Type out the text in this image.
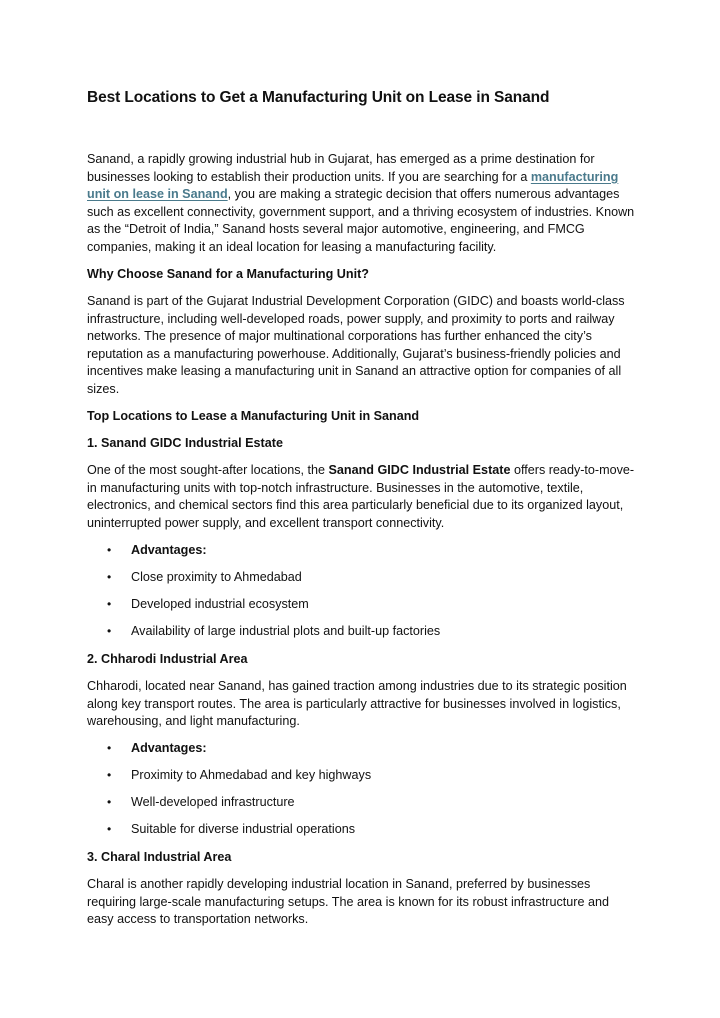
Best Locations to Get a Manufacturing Unit on Lease in Sanand

Sanand, a rapidly growing industrial hub in Gujarat, has emerged as a prime destination for businesses looking to establish their production units. If you are searching for a manufacturing unit on lease in Sanand, you are making a strategic decision that offers numerous advantages such as excellent connectivity, government support, and a thriving ecosystem of industries. Known as the “Detroit of India,” Sanand hosts several major automotive, engineering, and FMCG companies, making it an ideal location for leasing a manufacturing facility.

Why Choose Sanand for a Manufacturing Unit?

Sanand is part of the Gujarat Industrial Development Corporation (GIDC) and boasts world-class infrastructure, including well-developed roads, power supply, and proximity to ports and railway networks. The presence of major multinational corporations has further enhanced the city’s reputation as a manufacturing powerhouse. Additionally, Gujarat’s business-friendly policies and incentives make leasing a manufacturing unit in Sanand an attractive option for companies of all sizes.

Top Locations to Lease a Manufacturing Unit in Sanand

1. Sanand GIDC Industrial Estate

One of the most sought-after locations, the Sanand GIDC Industrial Estate offers ready-to-move-in manufacturing units with top-notch infrastructure. Businesses in the automotive, textile, electronics, and chemical sectors find this area particularly beneficial due to its organized layout, uninterrupted power supply, and excellent transport connectivity.

• Advantages:
• Close proximity to Ahmedabad
• Developed industrial ecosystem
• Availability of large industrial plots and built-up factories

2. Chharodi Industrial Area

Chharodi, located near Sanand, has gained traction among industries due to its strategic position along key transport routes. The area is particularly attractive for businesses involved in logistics, warehousing, and light manufacturing.

• Advantages:
• Proximity to Ahmedabad and key highways
• Well-developed infrastructure
• Suitable for diverse industrial operations

3. Charal Industrial Area

Charal is another rapidly developing industrial location in Sanand, preferred by businesses requiring large-scale manufacturing setups. The area is known for its robust infrastructure and easy access to transportation networks.
